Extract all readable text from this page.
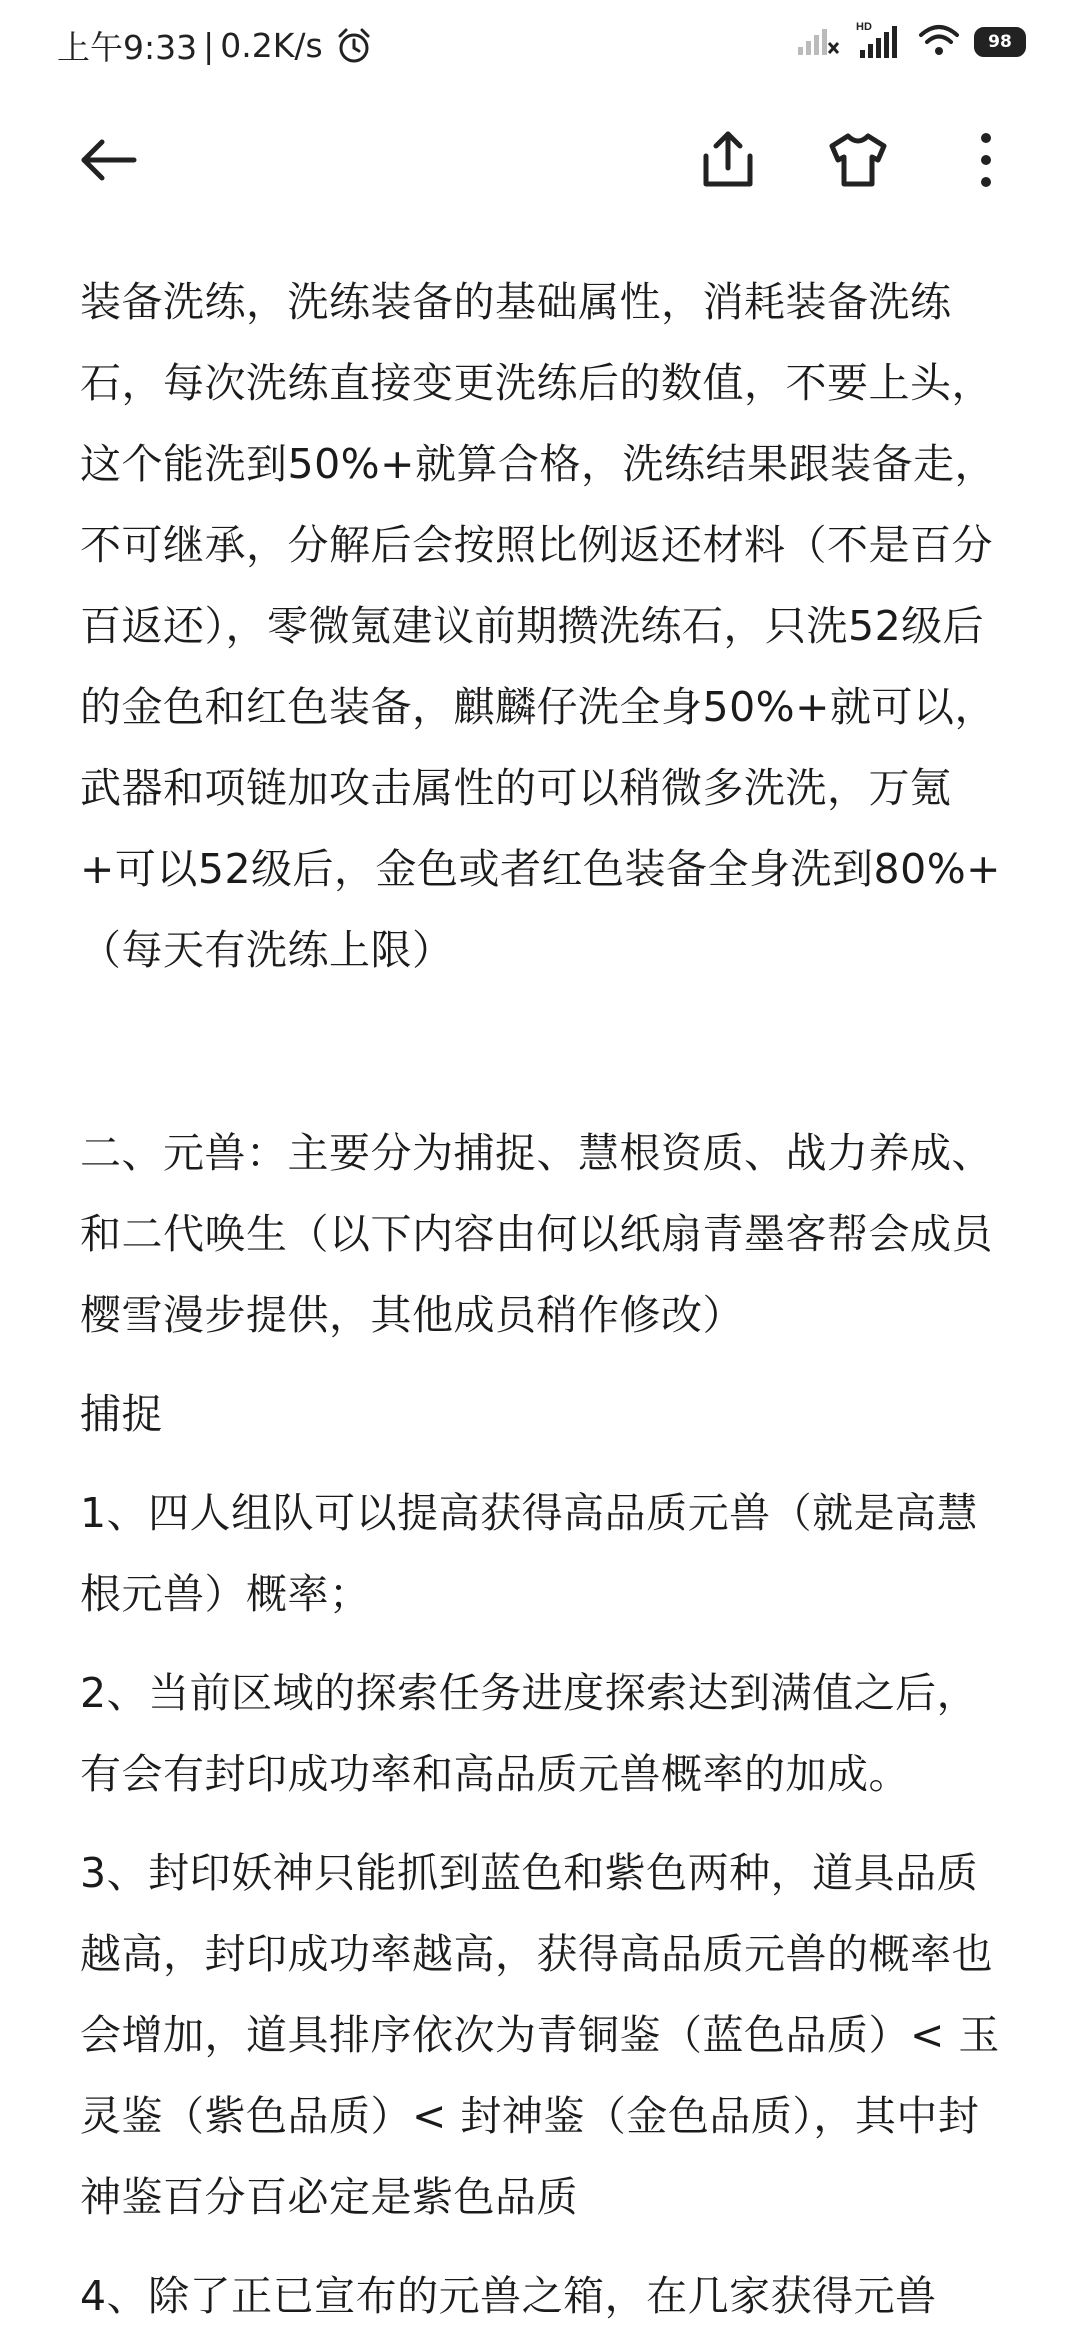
上午9:33 | 0.2K/s	HD
98

装备洗练，洗练装备的基础属性，消耗装备洗练石，每次洗练直接变更洗练后的数值，不要上头，这个能洗到50%+就算合格，洗练结果跟装备走，不可继承，分解后会按照比例返还材料（不是百分百返还），零微氪建议前期攒洗练石，只洗52级后的金色和红色装备，麒麟仔洗全身50%+就可以，武器和项链加攻击属性的可以稍微多洗洗，万氪+可以52级后，金色或者红色装备全身洗到80%+（每天有洗练上限）

二、元兽：主要分为捕捉、慧根资质、战力养成、和二代唤生（以下内容由何以纸扇青墨客帮会成员樱雪漫步提供，其他成员稍作修改）

捕捉

1、四人组队可以提高获得高品质元兽（就是高慧根元兽）概率；

2、当前区域的探索任务进度探索达到满值之后，有会有封印成功率和高品质元兽概率的加成。

3、封印妖神只能抓到蓝色和紫色两种，道具品质越高，封印成功率越高，获得高品质元兽的概率也会增加，道具排序依次为青铜鉴（蓝色品质）< 玉灵鉴（紫色品质）< 封神鉴（金色品质），其中封神鉴百分百必定是紫色品质

4、除了正已宣布的元兽之箱，在几家获得元兽
